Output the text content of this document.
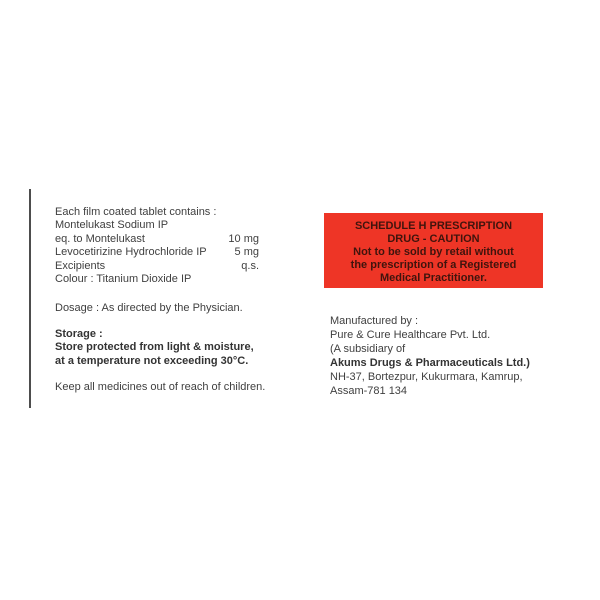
Each film coated tablet contains :
Montelukast Sodium IP
eq. to Montelukast	10 mg
Levocetirizine Hydrochloride IP	5 mg
Excipients	q.s.
Colour : Titanium Dioxide IP
Dosage : As directed by the Physician.
Storage :
Store protected from light & moisture,
at a temperature not exceeding 30°C.
Keep all medicines out of reach of children.
SCHEDULE H PRESCRIPTION
DRUG - CAUTION
Not to be sold by retail without
the prescription of a Registered
Medical Practitioner.
Manufactured by :
Pure & Cure Healthcare Pvt. Ltd.
(A subsidiary of
Akums Drugs & Pharmaceuticals Ltd.)
NH-37, Bortezpur, Kukurmara, Kamrup,
Assam-781 134
